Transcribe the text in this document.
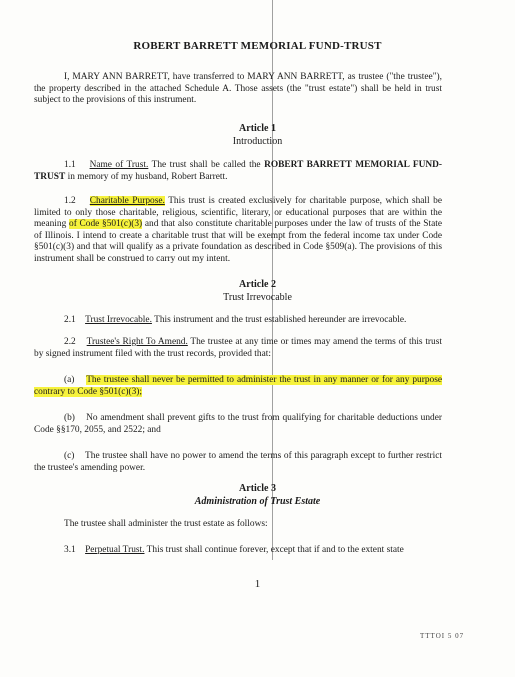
ROBERT BARRETT MEMORIAL FUND-TRUST

I, MARY ANN BARRETT, have transferred to MARY ANN BARRETT, as trustee ("the trustee"), the property described in the attached Schedule A. Those assets (the "trust estate") shall be held in trust subject to the provisions of this instrument.

Article 1

Introduction

1.1 Name of Trust. The trust shall be called the ROBERT BARRETT MEMORIAL FUND-TRUST in memory of my husband, Robert Barrett.

1.2 Charitable Purpose. This trust is created exclusively for charitable purpose, which shall be limited to only those charitable, religious, scientific, literary, or educational purposes that are within the meaning of Code §501(c)(3) and that also constitute charitable purposes under the law of trusts of the State of Illinois. I intend to create a charitable trust that will be exempt from the federal income tax under Code §501(c)(3) and that will qualify as a private foundation as described in Code §509(a). The provisions of this instrument shall be construed to carry out my intent.

Article 2

Trust Irrevocable

2.1 Trust Irrevocable. This instrument and the trust established hereunder are irrevocable.

2.2 Trustee's Right To Amend. The trustee at any time or times may amend the terms of this trust by signed instrument filed with the trust records, provided that:

(a) The trustee shall never be permitted to administer the trust in any manner or for any purpose contrary to Code §501(c)(3);

(b) No amendment shall prevent gifts to the trust from qualifying for charitable deductions under Code §§170, 2055, and 2522; and

(c) The trustee shall have no power to amend the terms of this paragraph except to further restrict the trustee's amending power.

Article 3

Administration of Trust Estate

The trustee shall administer the trust estate as follows:

3.1 Perpetual Trust. This trust shall continue forever, except that if and to the extent state

1
TTTOI 5 07
